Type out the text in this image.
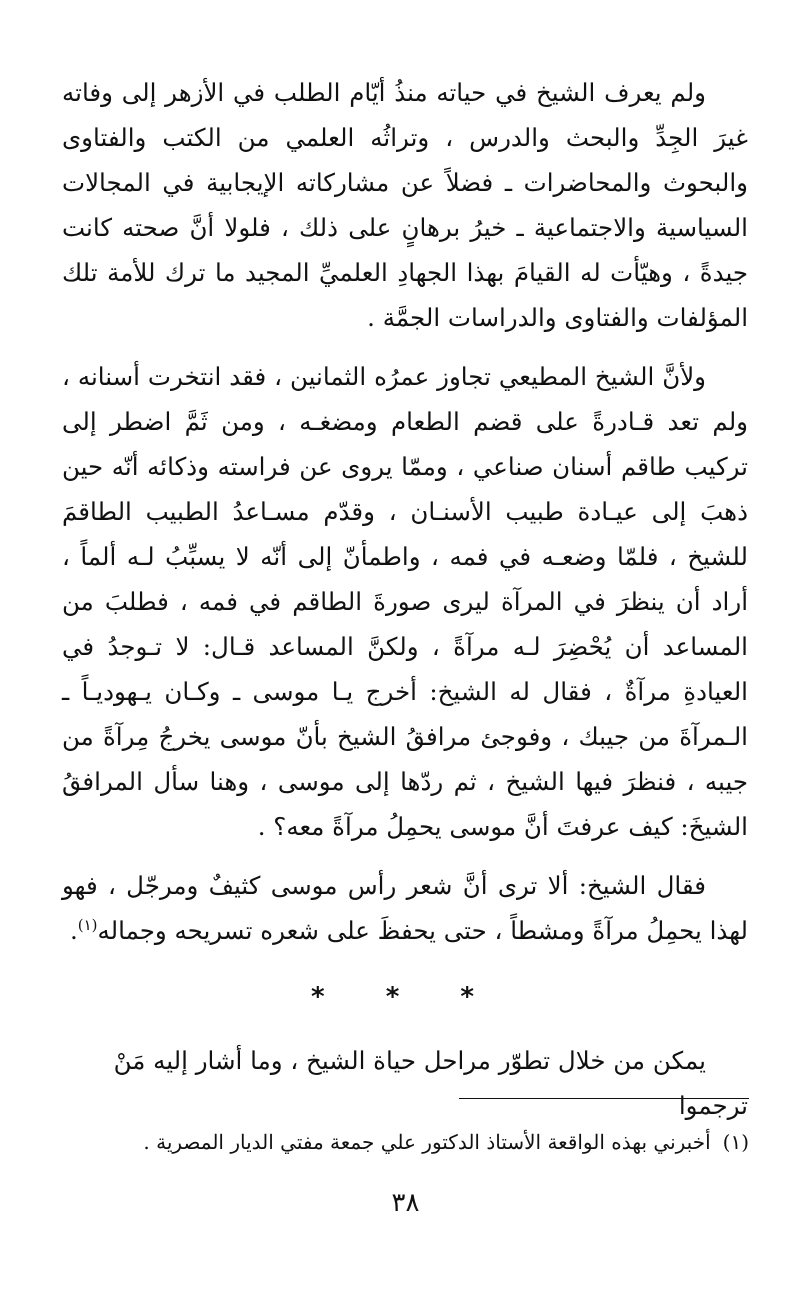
ولم يعرف الشيخ في حياته منذُ أيّام الطلب في الأزهر إلى وفاته غيرَ الجِدِّ والبحث والدرس ، وتراثُه العلمي من الكتب والفتاوى والبحوث والمحاضرات ـ فضلاً عن مشاركاته الإيجابية في المجالات السياسية والاجتماعية ـ خيرُ برهانٍ على ذلك ، فلولا أنَّ صحته كانت جيدةً ، وهيّأت له القيامَ بهذا الجهادِ العلميِّ المجيد ما ترك للأمة تلك المؤلفات والفتاوى والدراسات الجمَّة .

ولأنَّ الشيخ المطيعي تجاوز عمرُه الثمانين ، فقد انتخرت أسنانه ، ولم تعد قـادرةً على قضم الطعام ومضغـه ، ومن ثَمَّ اضطر إلى تركيب طاقم أسنان صناعي ، وممّا يروى عن فراسته وذكائه أنّه حين ذهبَ إلى عيـادة طبيب الأسنـان ، وقدّم مسـاعدُ الطبيب الطاقمَ للشيخ ، فلمّا وضعـه في فمه ، واطمأنّ إلى أنّه لا يسبِّبُ لـه ألماً ، أراد أن ينظرَ في المرآة ليرى صورةَ الطاقم في فمه ، فطلبَ من المساعد أن يُحْضِرَ لـه مرآةً ، ولكنَّ المساعد قـال: لا تـوجدُ في العيادةِ مرآةٌ ، فقال له الشيخ: أخرج يـا موسى ـ وكـان يـهوديـاً ـ الـمرآةَ من جيبك ، وفوجئ مرافقُ الشيخ بأنّ موسى يخرجُ مِرآةً من جيبه ، فنظرَ فيها الشيخ ، ثم ردّها إلى موسى ، وهنا سأل المرافقُ الشيخَ: كيف عرفتَ أنَّ موسى يحمِلُ مرآةً معه؟ .

فقال الشيخ: ألا ترى أنَّ شعر رأس موسى كثيفٌ ومرجّل ، فهو لهذا يحمِلُ مرآةً ومشطاً ، حتى يحفظَ على شعره تسريحه وجماله$^{(١)}$.

* * *
يمكن من خلال تطوّر مراحل حياة الشيخ ، وما أشار إليه مَنْ ترجموا
(١)أخبرني بهذه الواقعة الأستاذ الدكتور علي جمعة مفتي الديار المصرية .
٣٨
